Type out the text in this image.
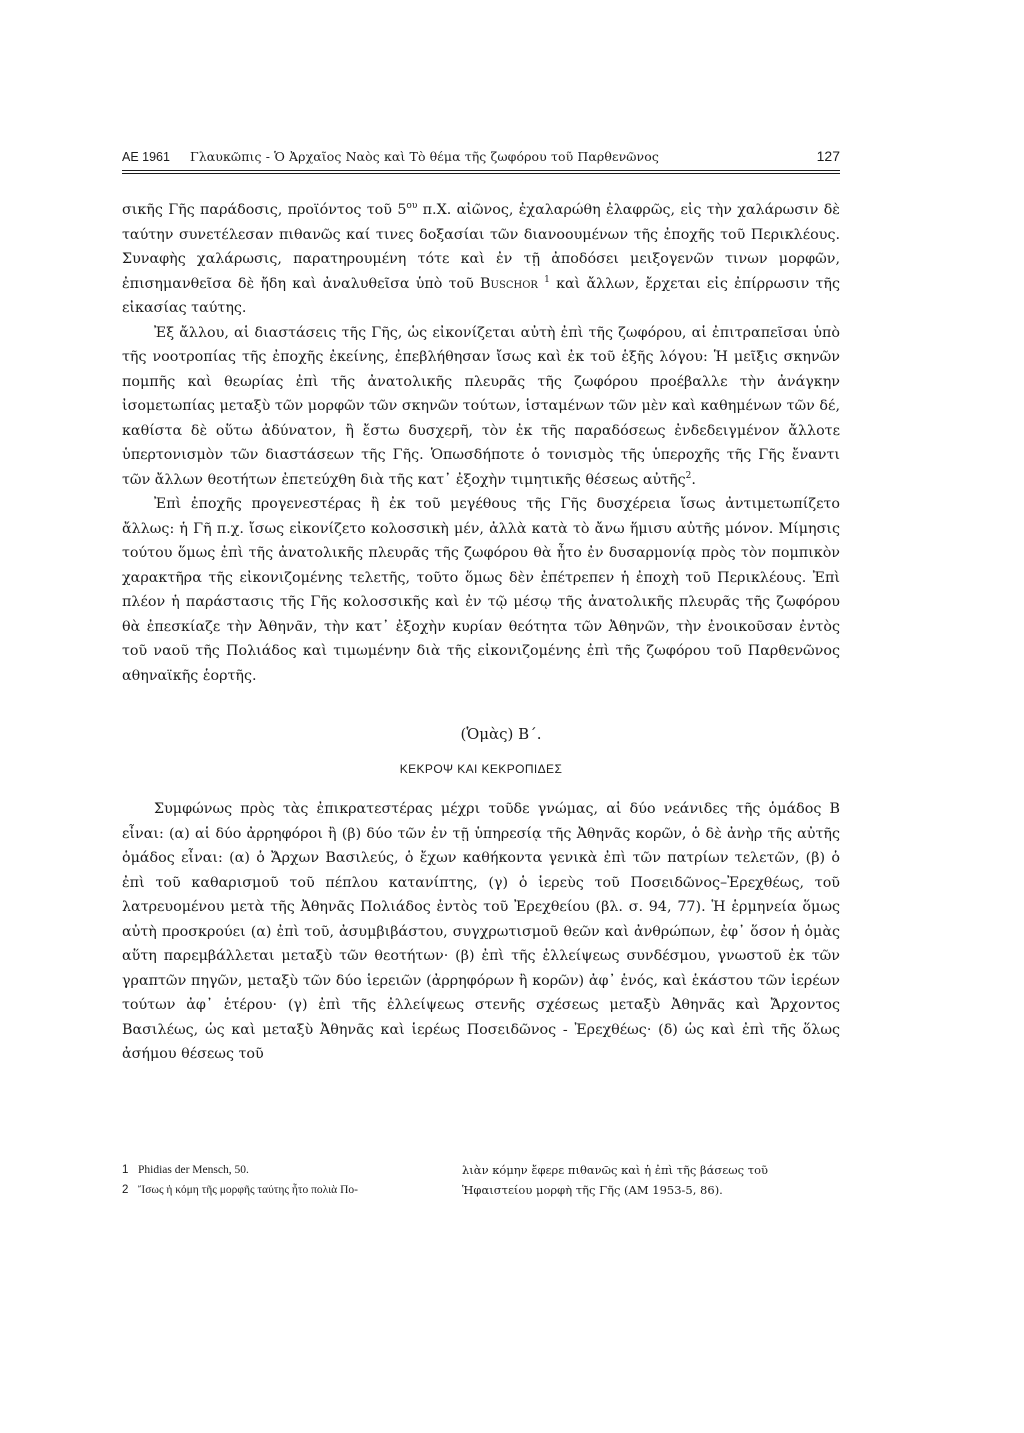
ΑΕ 1961 Γλαυκῶπις - Ὁ Ἀρχαῖος Ναὸς καὶ Τὸ θέμα τῆς ζωφόρου τοῦ Παρθενῶνος	127

σικῆς Γῆς παράδοσις, προϊόντος τοῦ $5^{o\upsilon}$ π.Χ. αἰῶνος, ἐχαλαρώθη ἐλαφρῶς, εἰς τὴν χαλάρωσιν δὲ ταύτην συνετέλεσαν πιθανῶς καί τινες δοξασίαι τῶν διανοουμένων τῆς ἐποχῆς τοῦ Περικλέους. Συναφὴς χαλάρωσις, παρατηρουμένη τότε καὶ ἐν τῇ ἀποδόσει μειξογενῶν τινων μορφῶν, ἐπισημανθεῖσα δὲ ἤδη καὶ ἀναλυθεῖσα ὑπὸ τοῦ Buschor $^1$ καὶ ἄλλων, ἔρχεται εἰς ἐπίρρωσιν τῆς εἰκασίας ταύτης.

Ἐξ ἄλλου, αἱ διαστάσεις τῆς Γῆς, ὡς εἰκονίζεται αὐτὴ ἐπὶ τῆς ζωφόρου, αἱ ἐπιτραπεῖσαι ὑπὸ τῆς νοοτροπίας τῆς ἐποχῆς ἐκείνης, ἐπεβλήθησαν ἴσως καὶ ἐκ τοῦ ἑξῆς λόγου: Ἡ μεῖξις σκηνῶν πομπῆς καὶ θεωρίας ἐπὶ τῆς ἀνατολικῆς πλευρᾶς τῆς ζωφόρου προέβαλλε τὴν ἀνάγκην ἰσομετωπίας μεταξὺ τῶν μορφῶν τῶν σκηνῶν τούτων, ἱσταμένων τῶν μὲν καὶ καθημένων τῶν δέ, καθίστα δὲ οὕτω ἀδύνατον, ἢ ἔστω δυσχερῆ, τὸν ἐκ τῆς παραδόσεως ἐνδεδειγμένον ἄλλοτε ὑπερτονισμὸν τῶν διαστάσεων τῆς Γῆς. Ὁπωσδήποτε ὁ τονισμὸς τῆς ὑπεροχῆς τῆς Γῆς ἔναντι τῶν ἄλλων θεοτήτων ἐπετεύχθη διὰ τῆς κατ᾽ ἐξοχὴν τιμητικῆς θέσεως αὐτῆς$^2$.

Ἐπὶ ἐποχῆς προγενεστέρας ἢ ἐκ τοῦ μεγέθους τῆς Γῆς δυσχέρεια ἴσως ἀντιμετωπίζετο ἄλλως: ἡ Γῆ π.χ. ἴσως εἰκονίζετο κολοσσικὴ μέν, ἀλλὰ κατὰ τὸ ἄνω ἥμισυ αὐτῆς μόνον. Μίμησις τούτου ὅμως ἐπὶ τῆς ἀνατολικῆς πλευρᾶς τῆς ζωφόρου θὰ ἦτο ἐν δυσαρμονίᾳ πρὸς τὸν πομπικὸν χαρακτῆρα τῆς εἰκονιζομένης τελετῆς, τοῦτο ὅμως δὲν ἐπέτρεπεν ἡ ἐποχὴ τοῦ Περικλέους. Ἐπὶ πλέον ἡ παράστασις τῆς Γῆς κολοσσικῆς καὶ ἐν τῷ μέσῳ τῆς ἀνατολικῆς πλευρᾶς τῆς ζωφόρου θὰ ἐπεσκίαζε τὴν Ἀθηνᾶν, τὴν κατ᾽ ἐξοχὴν κυρίαν θεότητα τῶν Ἀθηνῶν, τὴν ἐνοικοῦσαν ἐντὸς τοῦ ναοῦ τῆς Πολιάδος καὶ τιμωμένην διὰ τῆς εἰκονιζομένης ἐπὶ τῆς ζωφόρου τοῦ Παρθενῶνος αθηναϊκῆς ἑορτῆς.

(Ὁμὰς) Β΄.
ΚΕΚΡΟΨ ΚΑΙ ΚΕΚΡΟΠΙΔΕΣ

Συμφώνως πρὸς τὰς ἐπικρατεστέρας μέχρι τοῦδε γνώμας, αἱ δύο νεάνιδες τῆς ὁμάδος Β εἶναι: (α) αἱ δύο ἀρρηφόροι ἢ (β) δύο τῶν ἐν τῇ ὑπηρεσίᾳ τῆς Ἀθηνᾶς κορῶν, ὁ δὲ ἀνὴρ τῆς αὐτῆς ὁμάδος εἶναι: (α) ὁ Ἄρχων Βασιλεύς, ὁ ἔχων καθήκοντα γενικὰ ἐπὶ τῶν πατρίων τελετῶν, (β) ὁ ἐπὶ τοῦ καθαρισμοῦ τοῦ πέπλου κατανίπτης, (γ) ὁ ἱερεὺς τοῦ Ποσειδῶνος–Ἐρεχθέως, τοῦ λατρευομένου μετὰ τῆς Ἀθηνᾶς Πολιάδος ἐντὸς τοῦ Ἐρεχθείου (βλ. σ. 94, 77). Ἡ ἑρμηνεία ὅμως αὐτὴ προσκρούει (α) ἐπὶ τοῦ, ἀσυμβιβάστου, συγχρωτισμοῦ θεῶν καὶ ἀνθρώπων, ἐφ᾽ ὅσον ἡ ὁμὰς αὕτη παρεμβάλλεται μεταξὺ τῶν θεοτήτων· (β) ἐπὶ τῆς ἐλλείψεως συνδέσμου, γνωστοῦ ἐκ τῶν γραπτῶν πηγῶν, μεταξὺ τῶν δύο ἱερειῶν (ἀρρηφόρων ἢ κορῶν) ἀφ᾽ ἑνός, καὶ ἑκάστου τῶν ἱερέων τούτων ἀφ᾽ ἑτέρου· (γ) ἐπὶ τῆς ἐλλείψεως στενῆς σχέσεως μεταξὺ Ἀθηνᾶς καὶ Ἄρχοντος Βασιλέως, ὡς καὶ μεταξὺ Ἀθηνᾶς καὶ ἱερέως Ποσειδῶνος - Ἐρεχθέως· (δ) ὡς καὶ ἐπὶ τῆς ὅλως ἀσήμου θέσεως τοῦ

1 Phidias der Mensch, 50.	λιὰν κόμην ἔφερε πιθανῶς καὶ ἡ ἐπὶ τῆς βάσεως τοῦ
2 Ἴσως ἡ κόμη τῆς μορφῆς ταύτης ἦτο πολιὰ Πο-	Ἡφαιστείου μορφὴ τῆς Γῆς (ΑΜ 1953-5, 86).
